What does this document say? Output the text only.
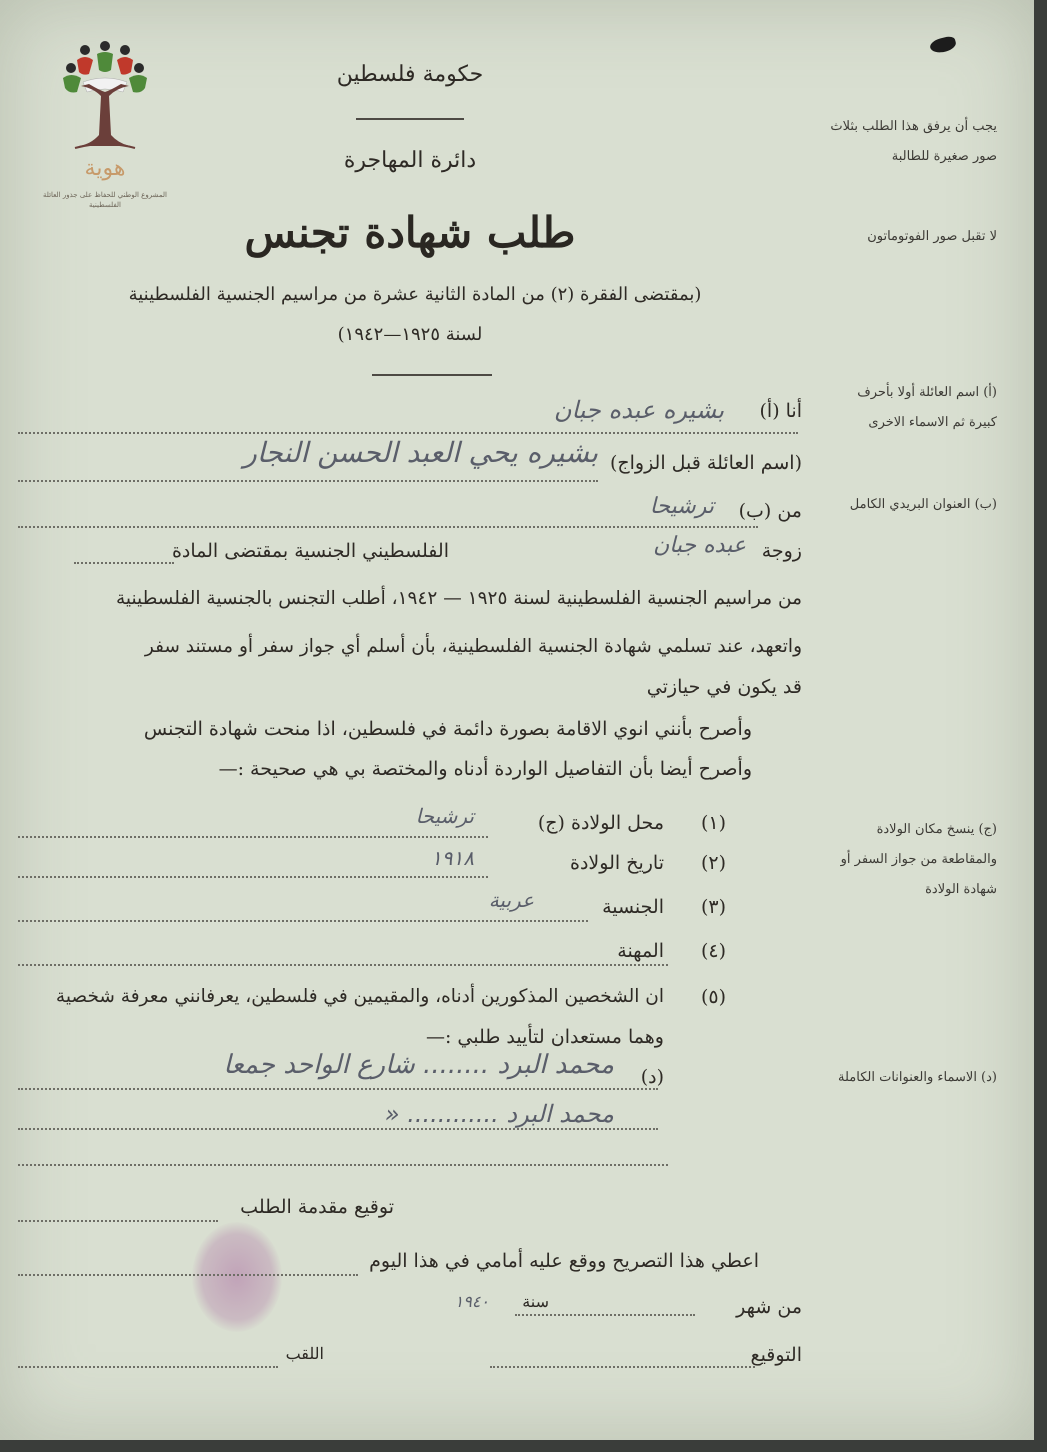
هوية
المشروع الوطني للحفاظ على جذور العائلة الفلسطينية
حكومة فلسطين
دائرة المهاجرة
طلب شهادة تجنس
(بمقتضى الفقرة (٢) من المادة الثانية عشرة من مراسيم الجنسية الفلسطينية
لسنة ١٩٢٥—١٩٤٢)
يجب أن يرفق هذا الطلب بثلاث صور صغيرة للطالبة
لا تقبل صور الفوتوماتون
(أ) اسم العائلة أولا بأحرف كبيرة ثم الاسماء الاخرى
(ب) العنوان البريدي الكامل
(ج) ينسخ مكان الولادة والمقاطعة من جواز السفر أو شهادة الولادة
(د) الاسماء والعنوانات الكاملة
أنا (أ)
بشيره عبده جبان
(اسم العائلة قبل الزواج)
بشيره يحي العبد الحسن النجار
من (ب)
ترشيحا
زوجة
عبده جبان
الفلسطيني الجنسية بمقتضى المادة
من مراسيم الجنسية الفلسطينية لسنة ١٩٢٥ — ١٩٤٢، أطلب التجنس بالجنسية الفلسطينية
واتعهد، عند تسلمي شهادة الجنسية الفلسطينية، بأن أسلم أي جواز سفر أو مستند سفر
قد يكون في حيازتي
وأصرح بأنني انوي الاقامة بصورة دائمة في فلسطين، اذا منحت شهادة التجنس
وأصرح أيضا بأن التفاصيل الواردة أدناه والمختصة بي هي صحيحة :—
(١)
محل الولادة (ج)
ترشيحا
(٢)
تاريخ الولادة
١٩١٨
(٣)
الجنسية
عربية
(٤)
المهنة
(٥)
ان الشخصين المذكورين أدناه، والمقيمين في فلسطين، يعرفانني معرفة شخصية
وهما مستعدان لتأييد طلبي :—
(د)
محمد البرد ........ شارع الواحد جمعا
محمد البرد ............ «
توقيع مقدمة الطلب
اعطي هذا التصريح ووقع عليه أمامي في هذا اليوم
من شهر
سنة
١٩٤٠
التوقيع
اللقب
